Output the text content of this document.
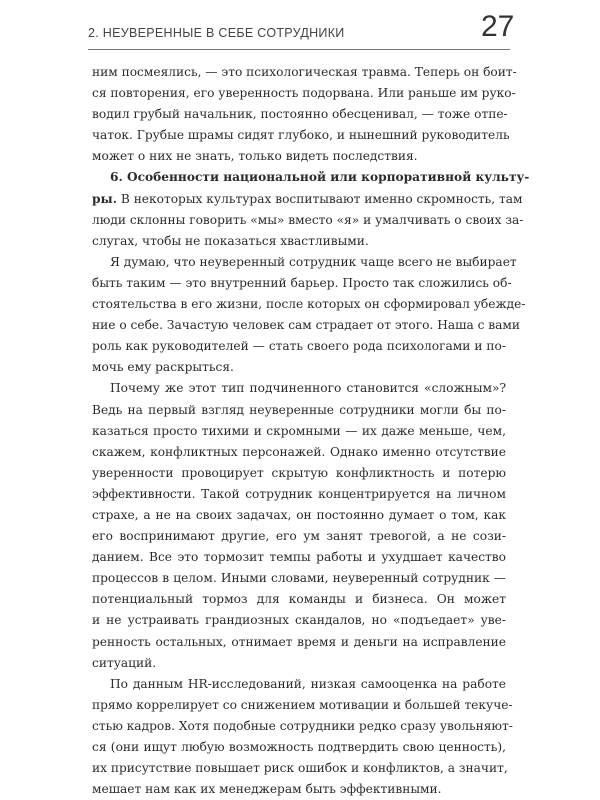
2. НЕУВЕРЕННЫЕ В СЕБЕ СОТРУДНИКИ	27
ним посмеялись, — это психологическая травма. Теперь он боит-
ся повторения, его уверенность подорвана. Или раньше им руко-
водил грубый начальник, постоянно обесценивал, — тоже отпе-
чаток. Грубые шрамы сидят глубоко, и нынешний руководитель
может о них не знать, только видеть последствия.
6. Особенности национальной или корпоративной культу-
ры. В некоторых культурах воспитывают именно скромность, там
люди склонны говорить «мы» вместо «я» и умалчивать о своих за-
слугах, чтобы не показаться хвастливыми.
Я думаю, что неуверенный сотрудник чаще всего не выбирает
быть таким — это внутренний барьер. Просто так сложились об-
стоятельства в его жизни, после которых он сформировал убежде-
ние о себе. Зачастую человек сам страдает от этого. Наша с вами
роль как руководителей — стать своего рода психологами и по-
мочь ему раскрыться.
Почему же этот тип подчиненного становится «сложным»?
Ведь на первый взгляд неуверенные сотрудники могли бы по-
казаться просто тихими и скромными — их даже меньше, чем,
скажем, конфликтных персонажей. Однако именно отсутствие
уверенности провоцирует скрытую конфликтность и потерю
эффективности. Такой сотрудник концентрируется на личном
страхе, а не на своих задачах, он постоянно думает о том, как
его воспринимают другие, его ум занят тревогой, а не сози-
данием. Все это тормозит темпы работы и ухудшает качество
процессов в целом. Иными словами, неуверенный сотрудник —
потенциальный тормоз для команды и бизнеса. Он может
и не устраивать грандиозных скандалов, но «подъедает» уве-
ренность остальных, отнимает время и деньги на исправление
ситуаций.
По данным HR-исследований, низкая самооценка на работе
прямо коррелирует со снижением мотивации и большей текуче-
стью кадров. Хотя подобные сотрудники редко сразу увольняют-
ся (они ищут любую возможность подтвердить свою ценность),
их присутствие повышает риск ошибок и конфликтов, а значит,
мешает нам как их менеджерам быть эффективными.
